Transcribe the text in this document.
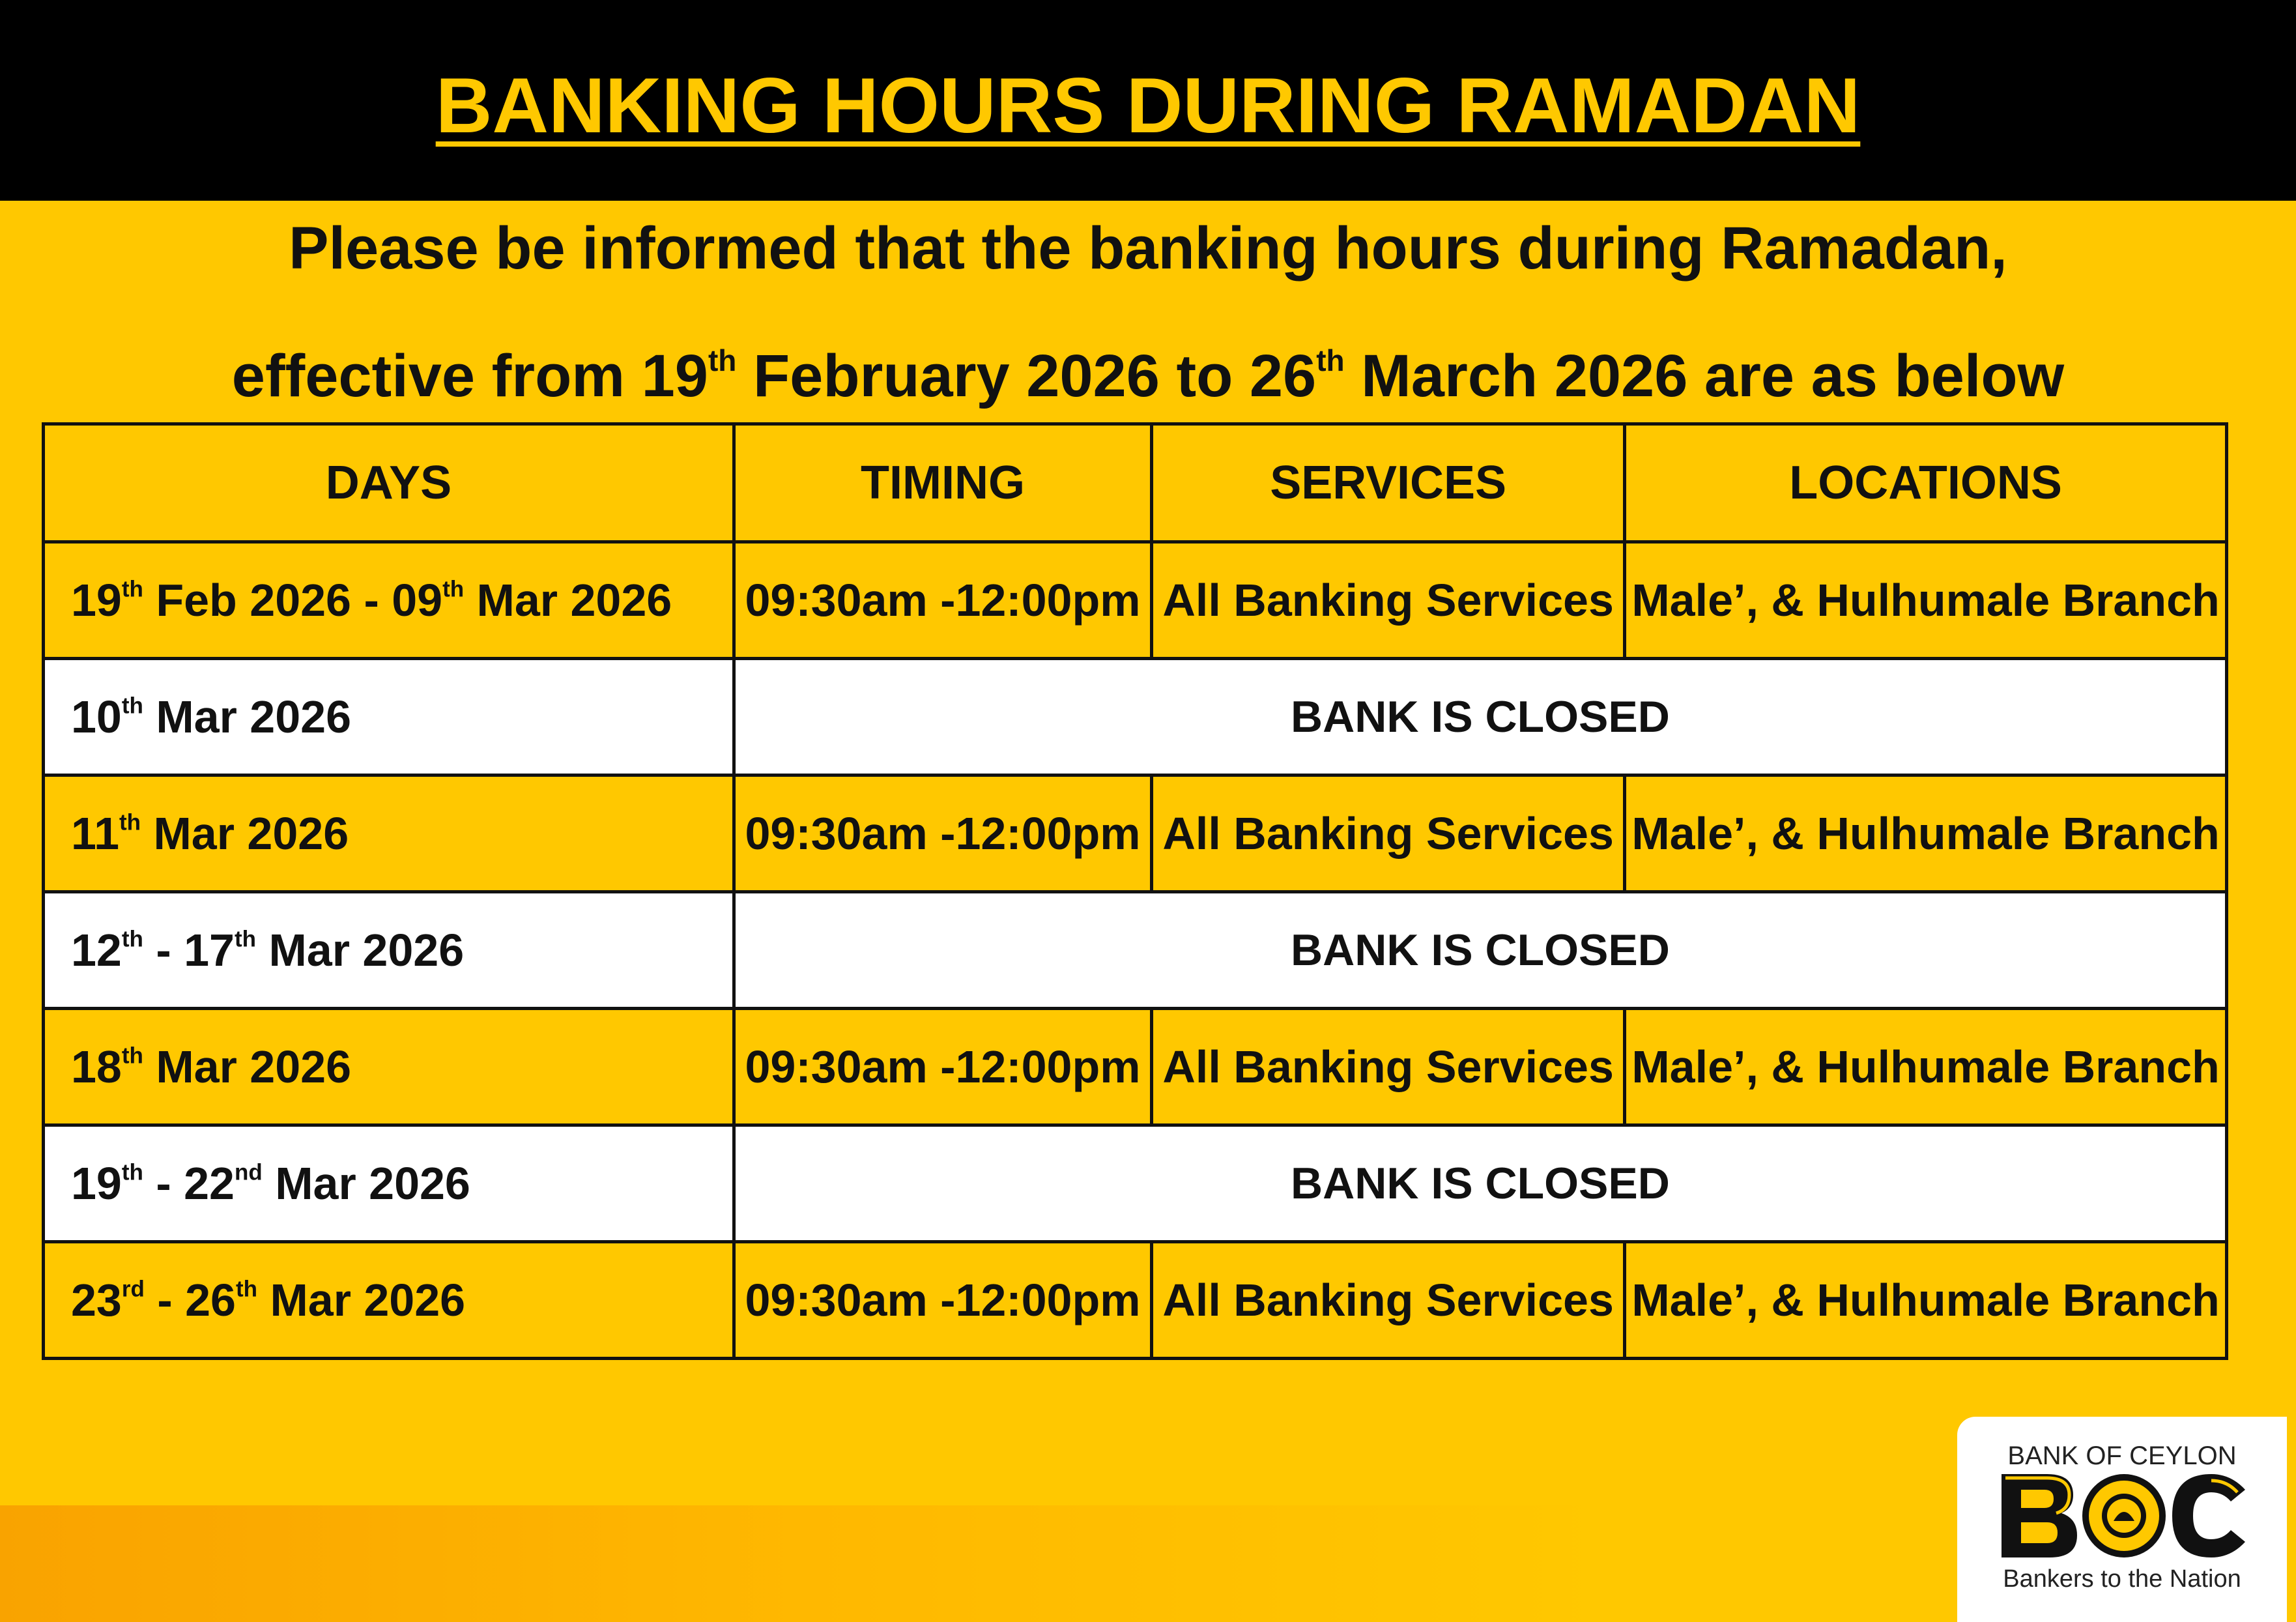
BANKING HOURS DURING RAMADAN
Please be informed that the banking hours during Ramadan,
effective from 19th February 2026 to 26th March 2026 are as below
DAYS	TIMING	SERVICES	LOCATIONS
19th Feb 2026 - 09th Mar 2026	09:30am -12:00pm	All Banking Services	Male’, & Hulhumale Branch
10th Mar 2026	BANK IS CLOSED		
11th Mar 2026	09:30am -12:00pm	All Banking Services	Male’, & Hulhumale Branch
12th - 17th Mar 2026	BANK IS CLOSED		
18th Mar 2026	09:30am -12:00pm	All Banking Services	Male’, & Hulhumale Branch
19th - 22nd Mar 2026	BANK IS CLOSED		
23rd - 26th Mar 2026	09:30am -12:00pm	All Banking Services	Male’, & Hulhumale Branch
BANK OF CEYLON
Bankers to the Nation
